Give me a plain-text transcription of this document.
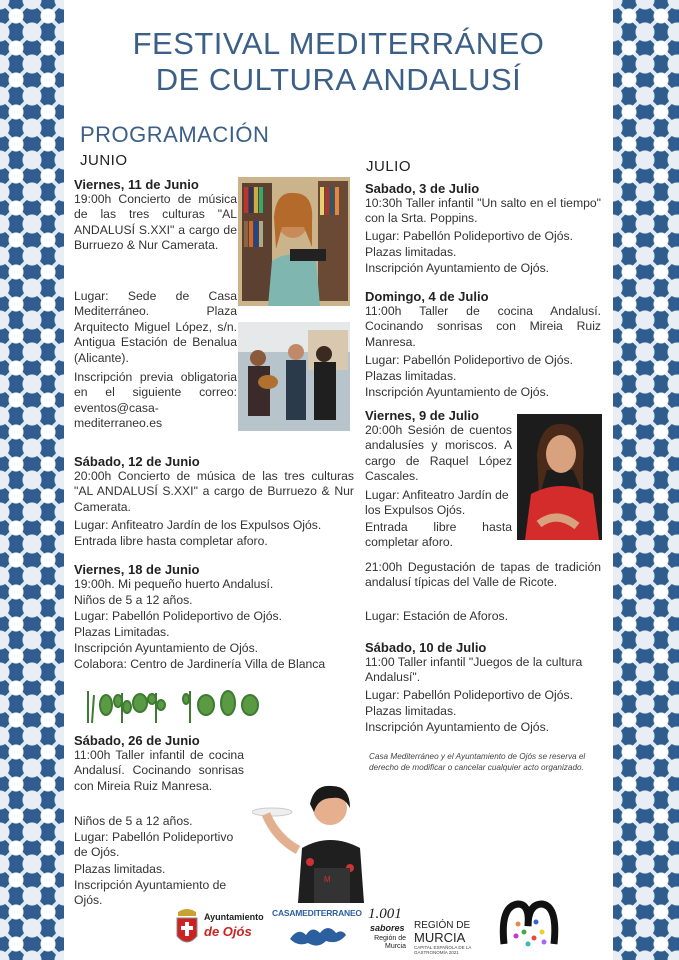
FESTIVAL MEDITERRÁNEO
DE CULTURA ANDALUSÍ
PROGRAMACIÓN
JUNIO
Viernes, 11 de Junio
19:00h Concierto de música de las tres culturas "AL ANDALUSÍ S.XXI" a cargo de Burruezo & Nur Camerata.
Lugar: Sede de Casa Mediterráneo. Plaza Arquitecto Miguel López, s/n. Antigua Estación de Benalua (Alicante).
Inscripción previa obligatoria en el siguiente correo: eventos@casa-mediterraneo.es
Sábado, 12 de Junio
20:00h Concierto de música de las tres culturas "AL ANDALUSÍ S.XXI" a cargo de Burruezo & Nur Camerata.
Lugar: Anfiteatro Jardín de los Expulsos Ojós.
Entrada libre hasta completar aforo.
Viernes, 18 de Junio
19:00h. Mi pequeño huerto Andalusí.
Niños de 5 a 12 años.
Lugar: Pabellón Polideportivo de Ojós.
Plazas Limitadas.
Inscripción Ayuntamiento de Ojós.
Colabora: Centro de Jardinería Villa de Blanca
Sábado, 26 de Junio
11:00h Taller infantil de cocina Andalusí. Cocinando sonrisas con Mireia Ruiz Manresa.
Niños de 5 a 12 años.
Lugar: Pabellón Polideportivo de Ojós.
Plazas limitadas.
Inscripción Ayuntamiento de Ojós.
M
JULIO
Sabado, 3 de Julio
10:30h Taller infantil "Un salto en el tiempo" con la Srta. Poppins.
Lugar: Pabellón Polideportivo de Ojós.
Plazas limitadas.
Inscripción Ayuntamiento de Ojós.
Domingo, 4 de Julio
11:00h Taller de cocina Andalusí. Cocinando sonrisas con Mireia Ruiz Manresa.
Lugar: Pabellón Polideportivo de Ojós.
Plazas limitadas.
Inscripción Ayuntamiento de Ojós.
Viernes, 9 de Julio
20:00h Sesión de cuentos andalusíes y moriscos. A cargo de Raquel López Cascales.
Lugar: Anfiteatro Jardín de los Expulsos Ojós.
Entrada libre hasta completar aforo.
21:00h Degustación de tapas de tradición andalusí típicas del Valle de Ricote.
Lugar: Estación de Aforos.
Sábado, 10 de Julio
11:00 Taller infantil "Juegos de la cultura Andalusí".
Lugar: Pabellón Polideportivo de Ojós.
Plazas limitadas.
Inscripción Ayuntamiento de Ojós.
Casa Mediterráneo y el Ayuntamiento de Ojós se reserva el derecho de modificar o cancelar cualquier acto organizado.
Ayuntamiento
de Ojós
CASAMEDITERRANEO 1.001
sabores
Región de Murcia
REGIÓN DE
MURCIA
CAPITAL ESPAÑOLA DE LA GASTRONOMÍA 2021
